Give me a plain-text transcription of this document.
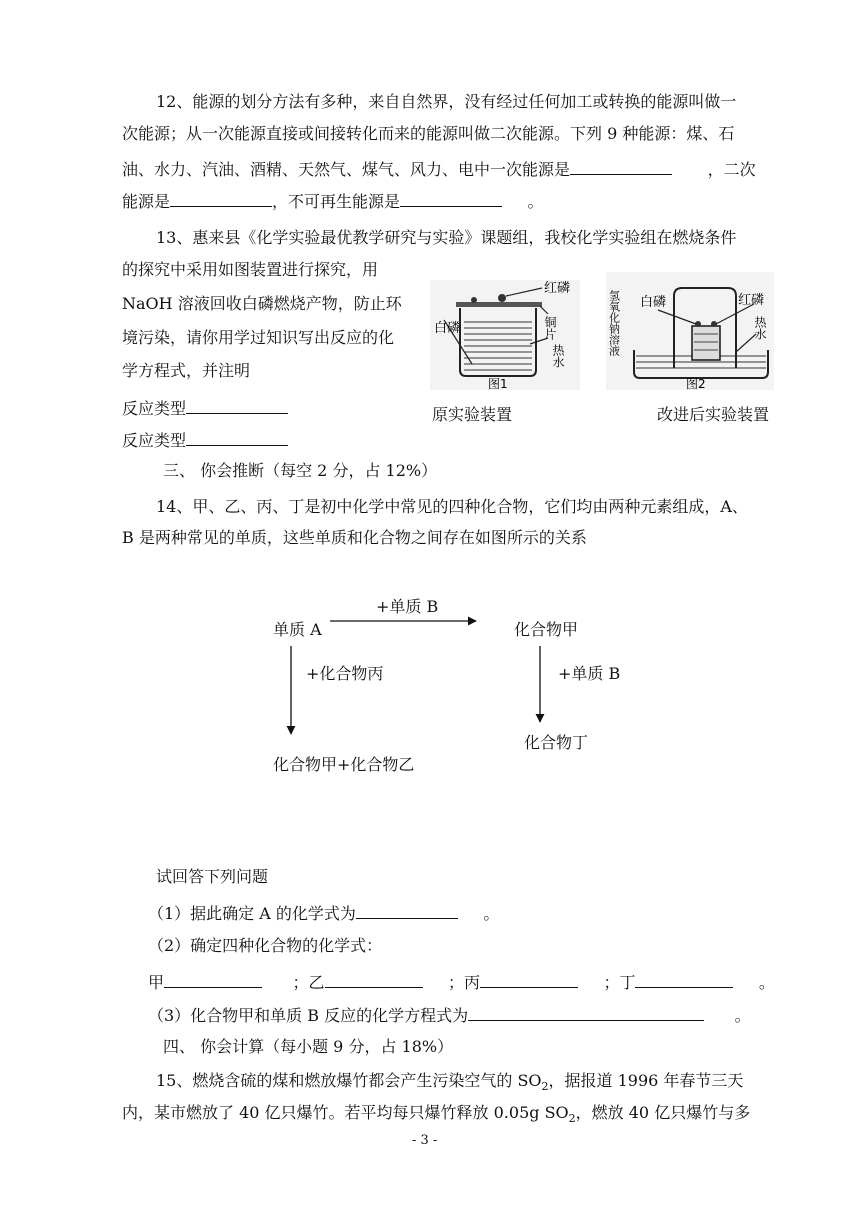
12、能源的划分方法有多种，来自自然界，没有经过任何加工或转换的能源叫做一
次能源；从一次能源直接或间接转化而来的能源叫做二次能源。下列 9 种能源：煤、石
油、水力、汽油、酒精、天然气、煤气、风力、电中一次能源是	，二次
能源是	，不可再生能源是	。
13、惠来县《化学实验最优教学研究与实验》课题组，我校化学实验组在燃烧条件
的探究中采用如图装置进行探究，用
NaOH 溶液回收白磷燃烧产物，防止环
境污染，请你用学过知识写出反应的化
学方程式，并注明
反应类型
反应类型
红磷
铜片
热水
白磷
图1
原实验装置
氢氧化钠溶液 白磷	红磷
热水
图2
改进后实验装置
三、 你会推断（每空 2 分，占 12%）
14、甲、乙、丙、丁是初中化学中常见的四种化合物，它们均由两种元素组成，A、
B 是两种常见的单质，这些单质和化合物之间存在如图所示的关系
单质 A
+单质 B
化合物甲
+化合物丙	+单质 B
化合物丁
化合物甲+化合物乙
试回答下列问题
（1）据此确定 A 的化学式为	。
（2）确定四种化合物的化学式：
甲	；乙	；丙	；丁	。
（3）化合物甲和单质 B 反应的化学方程式为	。
四、 你会计算（每小题 9 分，占 18%）
15、燃烧含硫的煤和燃放爆竹都会产生污染空气的 $SO_2$，据报道 1996 年春节三天
内，某市燃放了 40 亿只爆竹。若平均每只爆竹释放 0.05g $SO_2$，燃放 40 亿只爆竹与多
- 3 -
